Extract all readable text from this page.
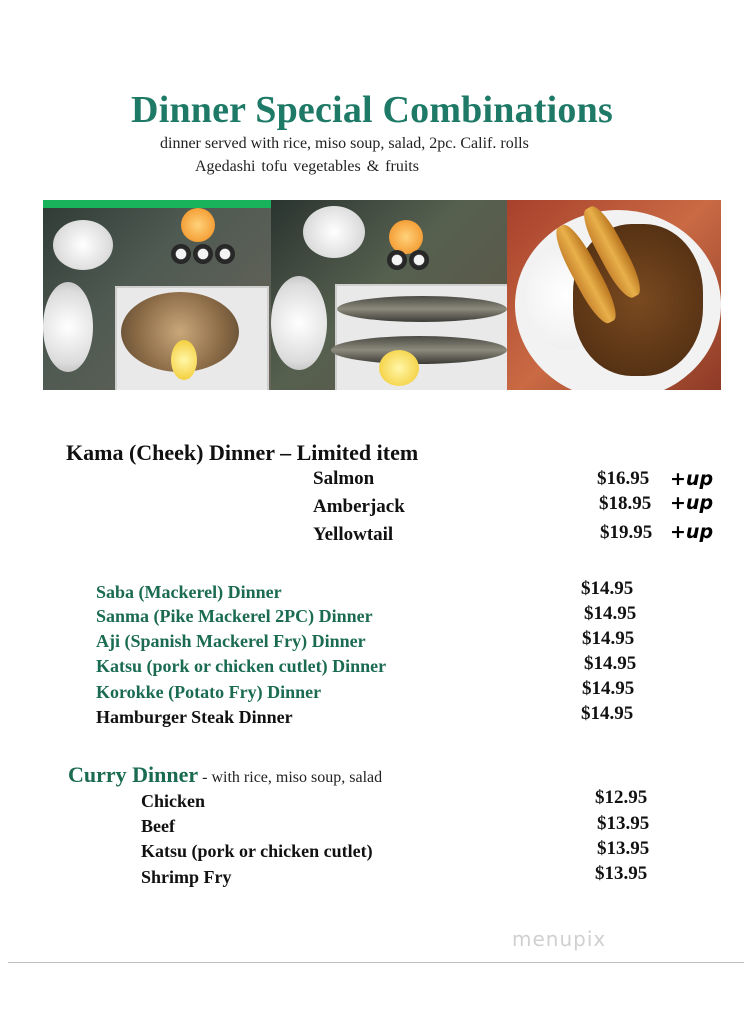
Dinner Special Combinations
dinner served with rice, miso soup, salad, 2pc. Calif. rolls
Agedashi tofu vegetables & fruits
Kama (Cheek) Dinner – Limited item
Salmon	$16.95 +up
Amberjack	$18.95 +up
Yellowtail	$19.95 +up
Saba (Mackerel) Dinner	$14.95
Sanma (Pike Mackerel 2PC) Dinner	$14.95
Aji (Spanish Mackerel Fry) Dinner	$14.95
Katsu (pork or chicken cutlet) Dinner	$14.95
Korokke (Potato Fry) Dinner	$14.95
Hamburger Steak Dinner	$14.95
Curry Dinner - with rice, miso soup, salad
Chicken	$12.95
Beef	$13.95
Katsu (pork or chicken cutlet)	$13.95
Shrimp Fry	$13.95
menupix
